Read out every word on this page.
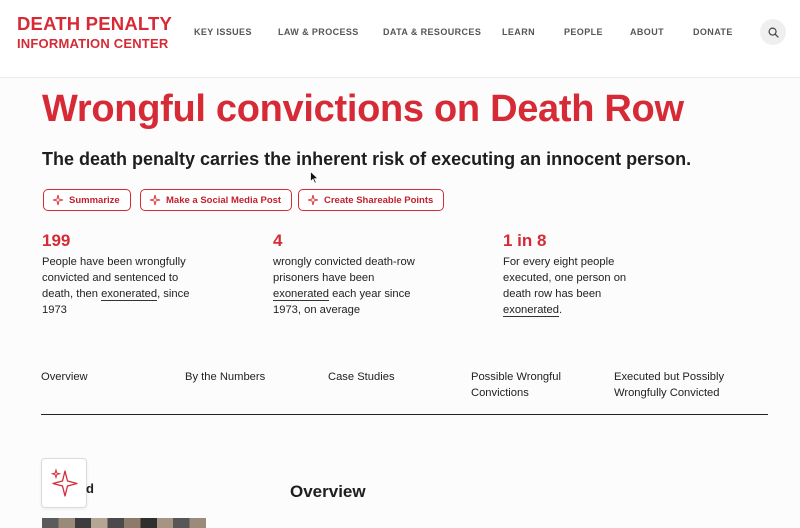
DEATH PENALTY
INFORMATION CENTER
KEY ISSUES	LAW & PROCESS	DATA & RESOURCES LEARN	PEOPLE	ABOUT	DONATE
Wrongful convictions on Death Row
The death penalty carries the inherent risk of executing an innocent person.
Summarize	Make a Social Media Post	Create Shareable Points
199
People have been wrongfully convicted and sentenced to death, then exonerated, since 1973
4
wrongly convicted death-row prisoners have been exonerated each year since 1973, on average
1 in 8
For every eight people executed, one person on death row has been exonerated.
Overview	By the Numbers	Case Studies	Possible Wrongful Convictions
Executed but Possibly Wrongfully Convicted
d	Overview
